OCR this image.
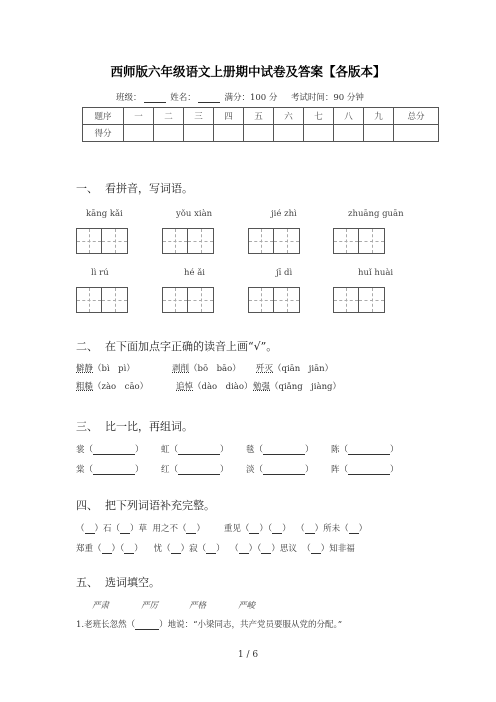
西师版六年级语文上册期中试卷及答案【各版本】
班级：	姓名：	满分：100 分 考试时间：90 分钟
题序	一	二	三	四	五	六	七	八	九	总分
得分										
一、 看拼音，写词语。
kāng kǎi	yǒu xiàn	jié zhì	zhuāng guān
lì rú	hé ǎi	jī dì	huǐ huài
二、 在下面加点字正确的读音上画“√”。
僻静（bì　pì）	剥削（bō　bāo） 歼灭（qiān　jiān）
粗糙（zào　cāo）	追悼（dào　diào） 勉强（qiǎng　jiàng）
三、 比一比，再组词。
裳（	） 虹（	） 毯（	） 陈（	）
棠（	） 红（	） 淡（	） 阵（	）
四、 把下列词语补充完整。
（ ）石（ ）草 用之不（ ） 重见（ ）（ ） （ ）所未（ ）
郑重（ ）（ ） 忧（ ）寂（ ） （ ）（ ）思议 （ ）知非福
五、 选词填空。
严肃	严厉	严格	严峻
1.老班长忽然（	）地说：“小梁同志，共产党员要服从党的分配。”
1 / 6
